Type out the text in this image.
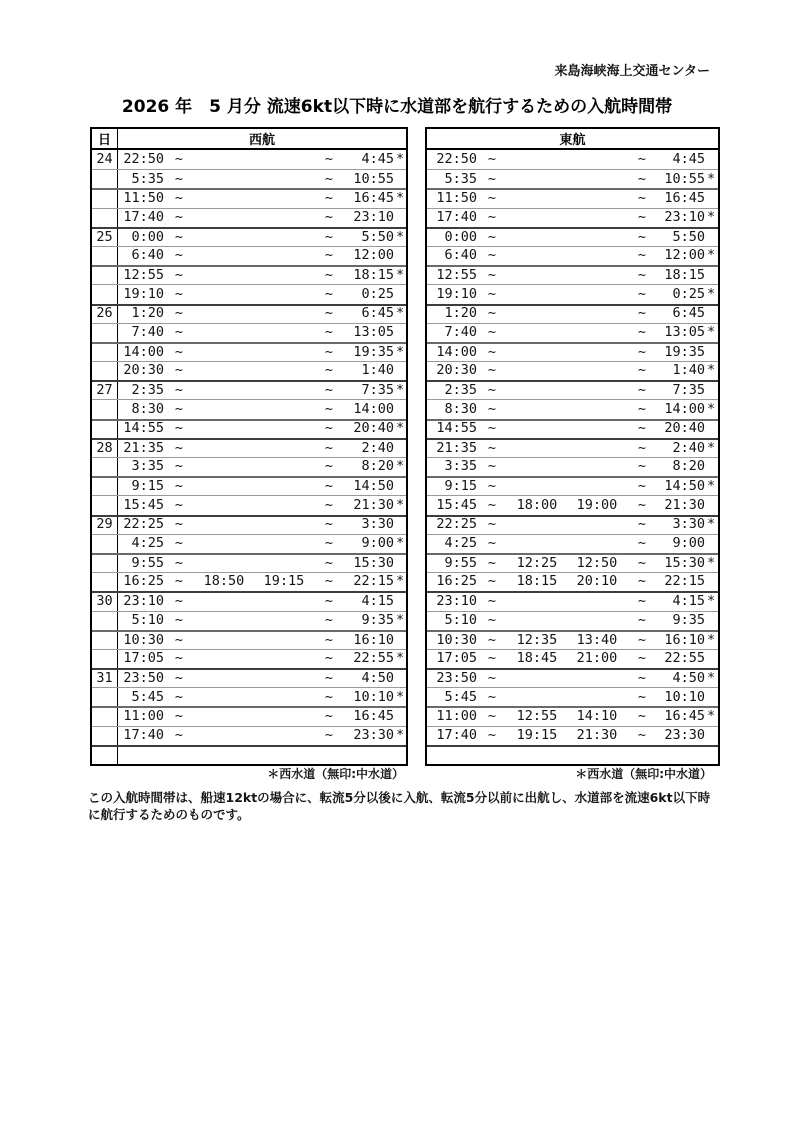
来島海峡海上交通センター
2026 年　5 月分 流速6kt以下時に水道部を航行するための入航時間帯
日	西航
24 22:50 ~	~	4:45 *
5:35 ~	~	10:55
11:50 ~	~	16:45 *
17:40 ~	~	23:10
25	0:00 ~	~	5:50 *
6:40 ~	~	12:00
12:55 ~	~	18:15 *
19:10 ~	~	0:25
26	1:20 ~	~	6:45 *
7:40 ~	~	13:05
14:00 ~	~	19:35 *
20:30 ~	~	1:40
27	2:35 ~	~	7:35 *
8:30 ~	~	14:00
14:55 ~	~	20:40 *
28 21:35 ~	~	2:40
3:35 ~	~	8:20 *
9:15 ~	~	14:50
15:45 ~	~	21:30 *
29 22:25 ~	~	3:30
4:25 ~	~	9:00 *
9:55 ~	~	15:30
16:25 ~	18:50	19:15	~	22:15 *
30 23:10 ~	~	4:15
5:10 ~	~	9:35 *
10:30 ~	~	16:10
17:05 ~	~	22:55 *
31 23:50 ~	~	4:50
5:45 ~	~	10:10 *
11:00 ~	~	16:45
17:40 ~	~	23:30 *
東航
22:50 ~	~	4:45
5:35 ~	~	10:55 *
11:50 ~	~	16:45
17:40 ~	~	23:10 *
0:00 ~	~	5:50
6:40 ~	~	12:00 *
12:55 ~	~	18:15
19:10 ~	~	0:25 *
1:20 ~	~	6:45
7:40 ~	~	13:05 *
14:00 ~	~	19:35
20:30 ~	~	1:40 *
2:35 ~	~	7:35
8:30 ~	~	14:00 *
14:55 ~	~	20:40
21:35 ~	~	2:40 *
3:35 ~	~	8:20
9:15 ~	~	14:50 *
15:45 ~	18:00	19:00	~	21:30
22:25 ~	~	3:30 *
4:25 ~	~	9:00
9:55 ~	12:25	12:50	~	15:30 *
16:25 ~	18:15	20:10	~	22:15
23:10 ~	~	4:15 *
5:10 ~	~	9:35
10:30 ~	12:35	13:40	~	16:10 *
17:05 ~	18:45	21:00	~	22:55
23:50 ~	~	4:50 *
5:45 ~	~	10:10
11:00 ~	12:55	14:10	~	16:45 *
17:40 ~	19:15	21:30	~	23:30
＊西水道（無印:中水道）	＊西水道（無印:中水道）
この入航時間帯は、船速12ktの場合に、転流5分以後に入航、転流5分以前に出航し、水道部を流速6kt以下時
に航行するためのものです。
